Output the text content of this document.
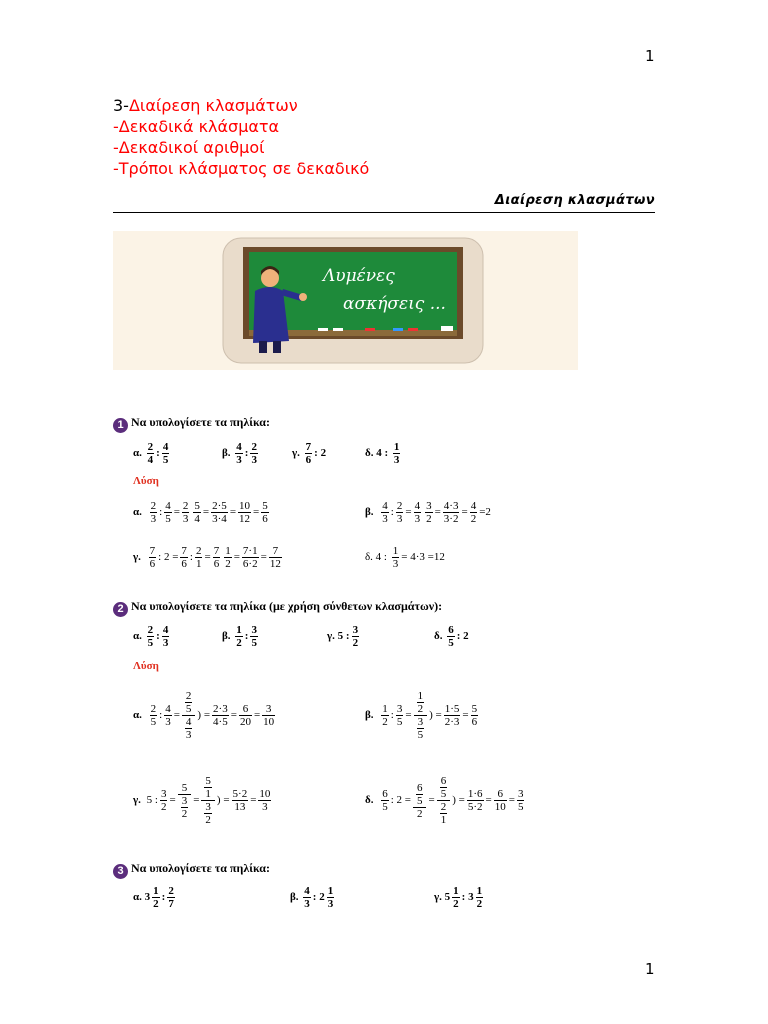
1
1
3-Διαίρεση κλασμάτων
-Δεκαδικά κλάσματα
-Δεκαδικοί αριθμοί
-Τρόποι κλάσματος σε δεκαδικό
Διαίρεση κλασμάτων
Λυμένες
ασκήσεις ...
1 Να υπολογίσετε τα πηλίκα:
α. $\frac{2}{4}$ : $\frac{4}{5}$	β. $\frac{4}{3}$ : $\frac{2}{3}$	γ. $\frac{7}{6}$ : 2	δ. 4 : $\frac{1}{3}$
Λύση
α. $\frac{2}{3}$ : $\frac{4}{5} = \frac{2}{3} \frac{5}{4} = \frac{2\cdot 5}{3\cdot 4} = \frac{10}{12} = \frac{5}{6}$	β. $\frac{4}{3}$ : $\frac{2}{3} = \frac{4}{3} \frac{3}{2} = \frac{4\cdot 3}{3\cdot 2} = \frac{4}{2} =2$
γ. $\frac{7}{6}$ : $2 = \frac{7}{6}$ : $\frac{2}{1} = \frac{7}{6} \frac{1}{2} = \frac{7\cdot 1}{6\cdot 2} = \frac{7}{12}$	δ. 4 : $\frac{1}{3} = 4\cdot 3 =12$
2 Να υπολογίσετε τα πηλίκα (με χρήση σύνθετων κλασμάτων):
α. $\frac{2}{5}$ : $\frac{4}{3}$	β. $\frac{1}{2}$ : $\frac{3}{5}$	γ. 5 : $\frac{3}{2}$	δ. $\frac{6}{5}$ : 2
Λύση
α. $\frac{2}{5}$ : $\frac{4}{3} = \frac{\frac{2}{5}}{\frac{4}{3}}$ ) = $\frac{2\cdot 3}{4\cdot 5} = \frac{6}{20} = \frac{3}{10}$	β. $\frac{1}{2}$ : $\frac{3}{5} = \frac{\frac{1}{2}}{\frac{3}{5}}$ ) = $\frac{1\cdot 5}{2\cdot 3} = \frac{5}{6}$
γ. 5 : $\frac{3}{2} = \frac{5}{\frac{3}{2}} = \frac{\frac{5}{1}}{\frac{3}{2}}$ ) = $\frac{5\cdot 2}{13} = \frac{10}{3}$	δ. $\frac{6}{5}$ : $2 = \frac{\frac{6}{5}}{2} = \frac{\frac{6}{5}}{\frac{2}{1}}$ ) = $\frac{1\cdot 6}{5\cdot 2} = \frac{6}{10} = \frac{3}{5}$
3 Να υπολογίσετε τα πηλίκα:
α. $3 \frac{1}{2}$ : $\frac{2}{7}$	β. $\frac{4}{3}$ : $2 \frac{1}{3}$	γ. $5 \frac{1}{2}$ : $3 \frac{1}{2}$
